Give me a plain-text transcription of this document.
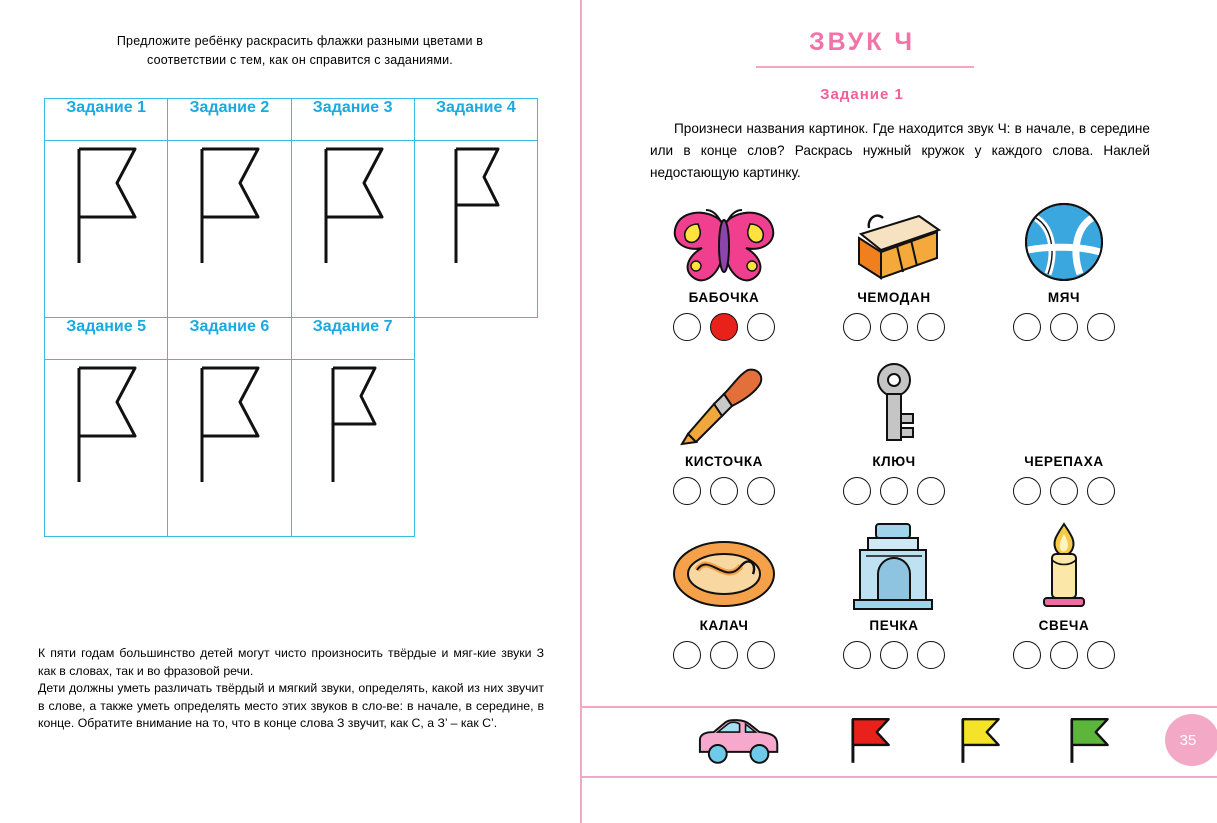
Предложите ребёнку раскрасить флажки разными цветами в соответствии с тем, как он справится с заданиями.
Задание 1	Задание 2	Задание 3	Задание 4

Задание 5	Задание 6	Задание 7	

К пяти годам большинство детей могут чисто произносить твёрдые и мяг-кие звуки З как в словах, так и во фразовой речи.

Дети должны уметь различать твёрдый и мягкий звуки, определять, какой из них звучит в слове, а также уметь определять место этих звуков в сло-ве: в начале, в середине, в конце. Обратите внимание на то, что в конце слова З звучит, как С, а З’ – как С’.

ЗВУК Ч
Задание 1
Произнеси названия картинок. Где находится звук Ч: в начале, в середине или в конце слов? Раскрась нужный кружок у каждого слова. Наклей недостающую картинку.
БАБОЧКА	ЧЕМОДАН	МЯЧ
КИСТОЧКА	КЛЮЧ	ЧЕРЕПАХА
КАЛАЧ	ПЕЧКА	СВЕЧА
35
